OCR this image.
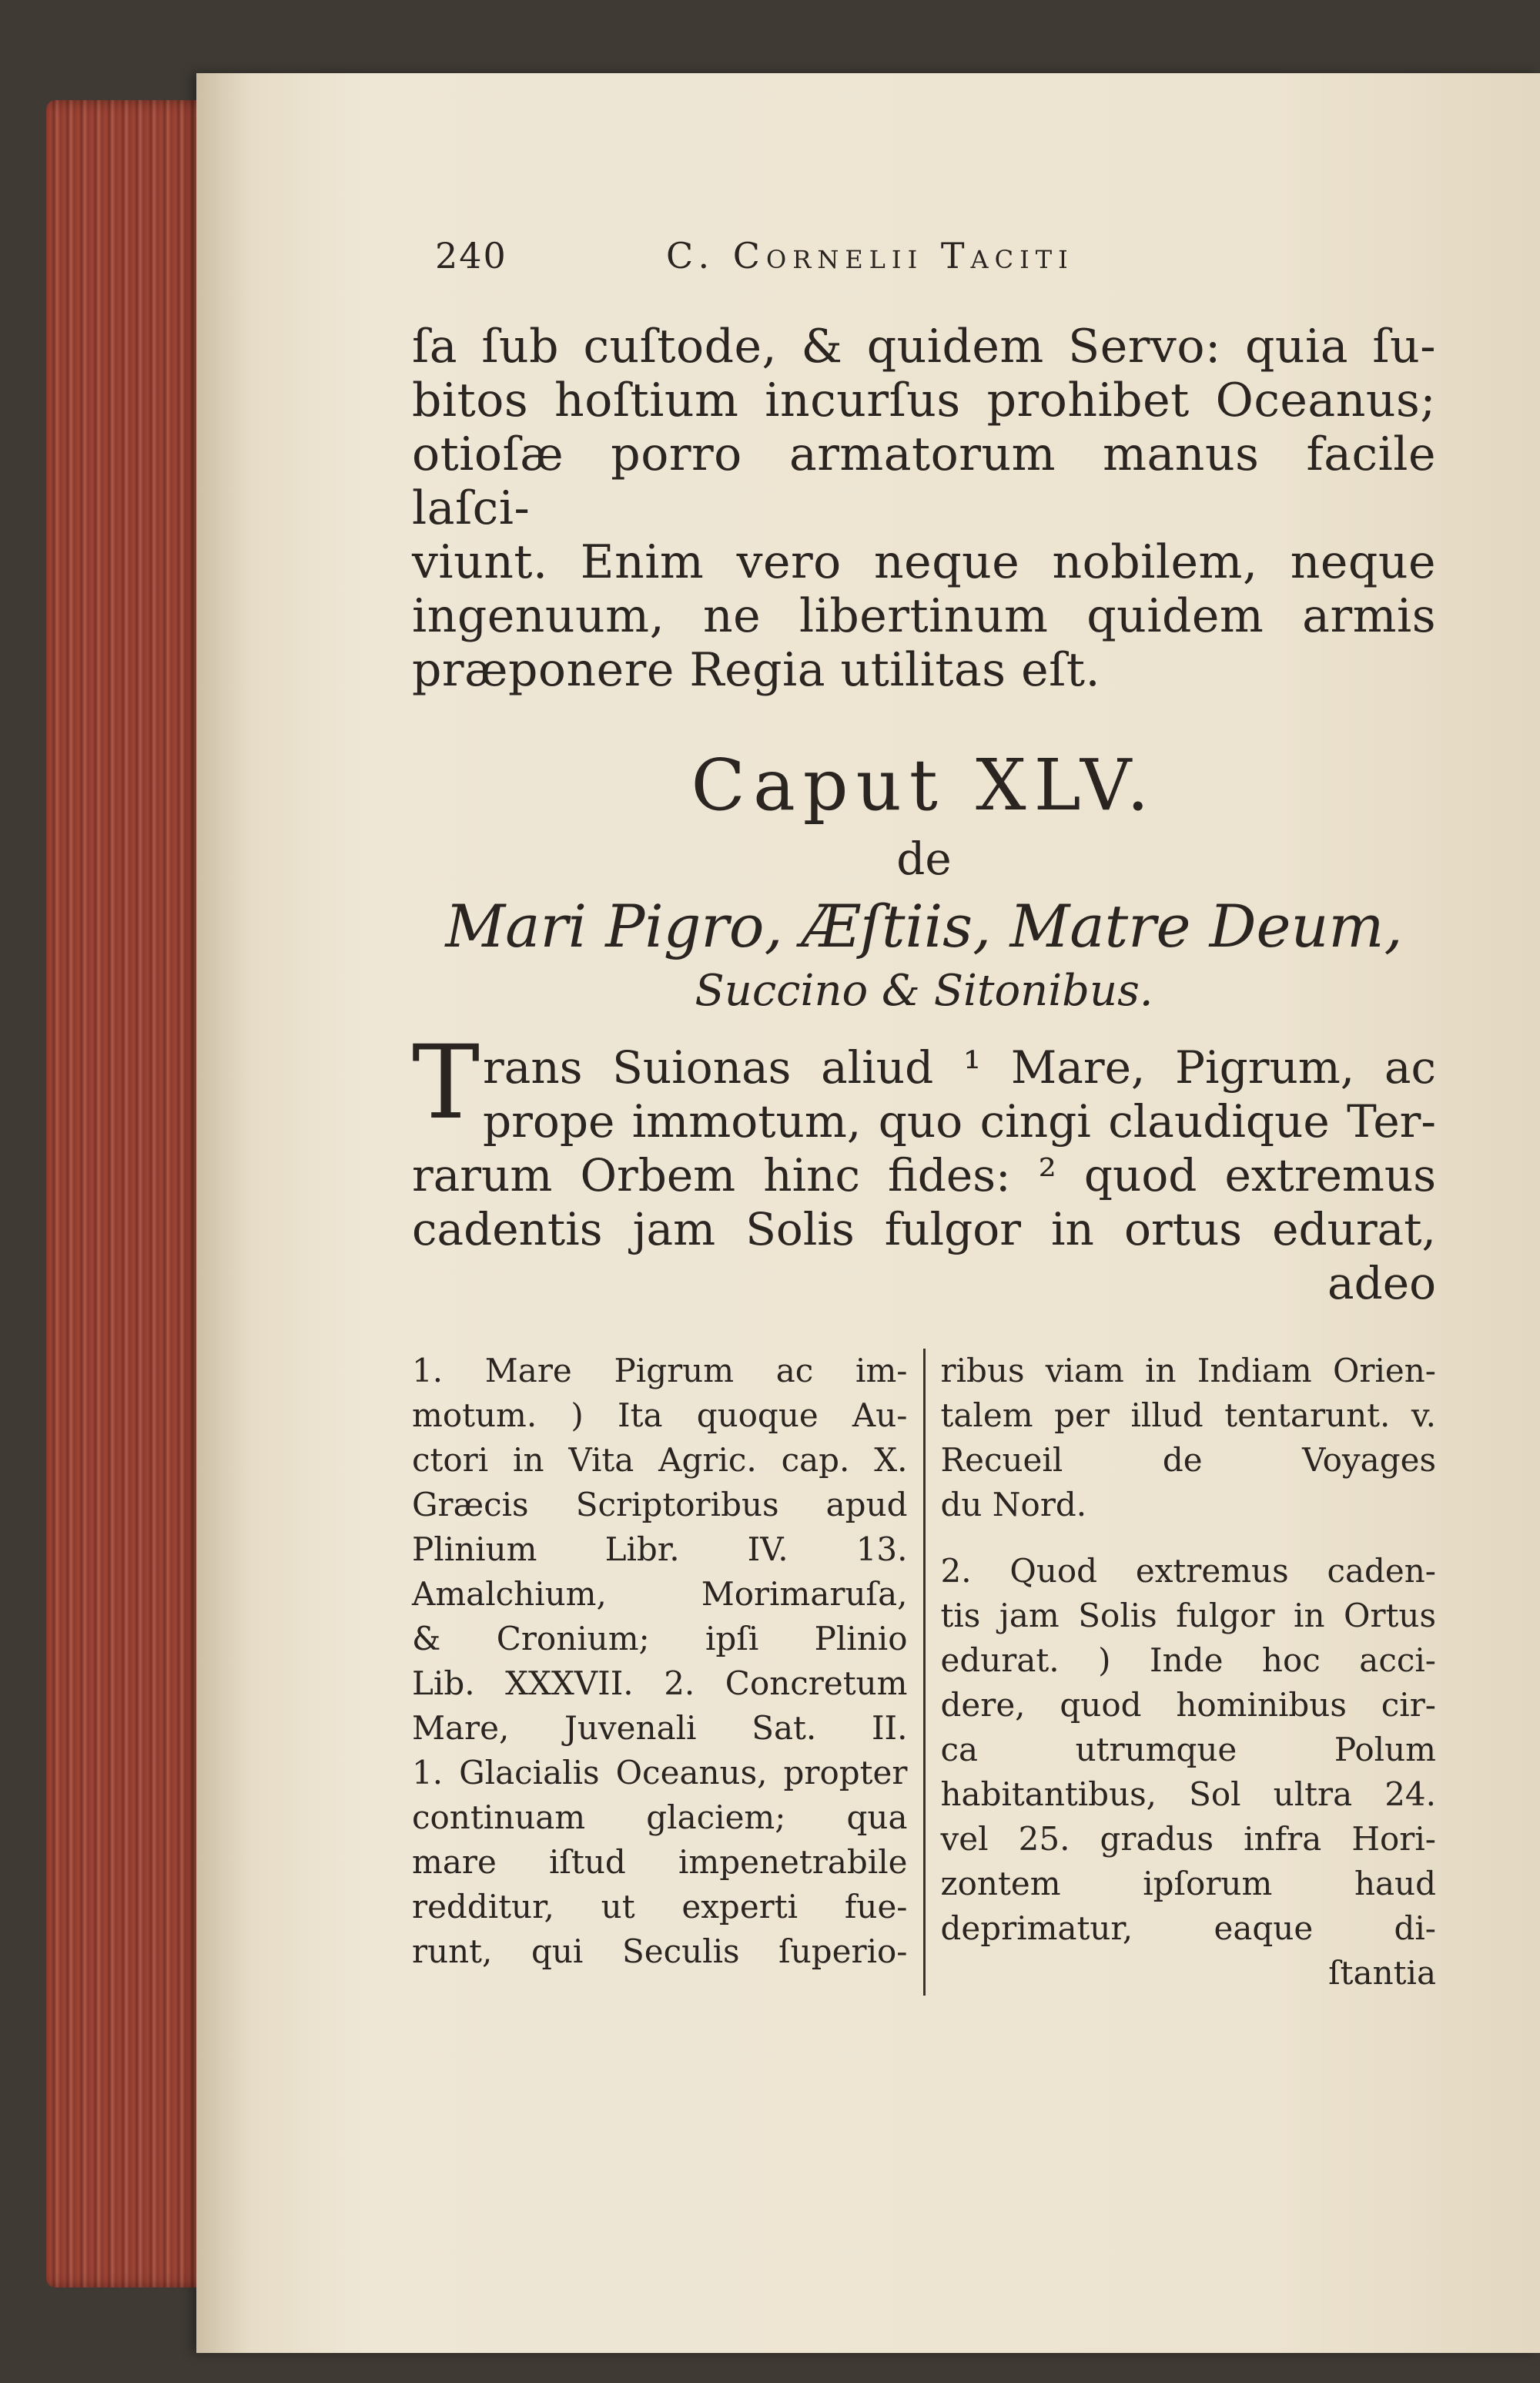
240	C. Cornelii Taciti
ſa ſub cuſtode, & quidem Servo: quia ſu-
bitos hoſtium incurſus prohibet Oceanus;
otioſæ porro armatorum manus facile laſci-
viunt. Enim vero neque nobilem, neque
ingenuum, ne libertinum quidem armis
præponere Regia utilitas eſt.
Caput XLV.
de
Mari Pigro, Æſtiis, Matre Deum,
Succino & Sitonibus.
T rans Suionas aliud ¹ Mare, Pigrum, ac
prope immotum, quo cingi claudique Ter-
rarum Orbem hinc fides: ² quod extremus
cadentis jam Solis fulgor in ortus edurat,
adeo
1. Mare Pigrum ac im-
motum. ) Ita quoque Au-
ctori in Vita Agric. cap. X.
Græcis Scriptoribus apud
Plinium Libr. IV. 13.
Amalchium, Morimaruſa,
& Cronium; ipſi Plinio
Lib. XXXVII. 2. Concretum
Mare, Juvenali Sat. II.
1. Glacialis Oceanus, propter
continuam glaciem; qua
mare iſtud impenetrabile
redditur, ut experti fue-
runt, qui Seculis ſuperio-
ribus viam in Indiam Orien-
talem per illud tentarunt. v.
Recueil de Voyages
du Nord.
2. Quod extremus caden-
tis jam Solis fulgor in Ortus
edurat. ) Inde hoc acci-
dere, quod hominibus cir-
ca utrumque Polum
habitantibus, Sol ultra 24.
vel 25. gradus infra Hori-
zontem ipſorum haud
deprimatur, eaque di-
ſtantia
